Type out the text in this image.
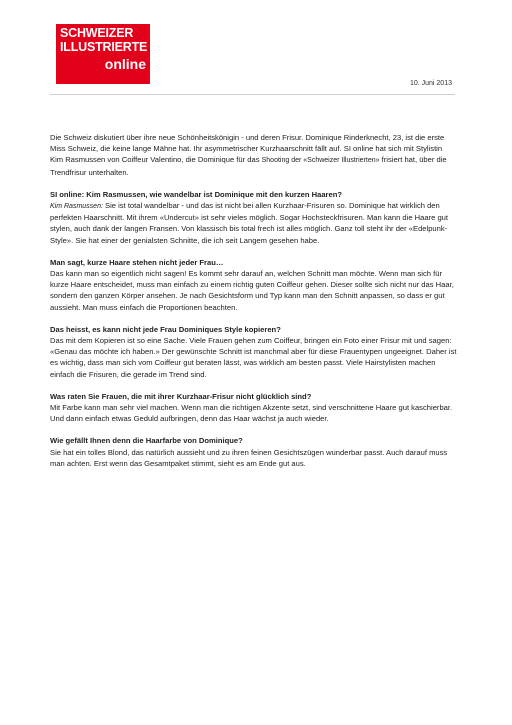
SCHWEIZER
ILLUSTRIERTE
online
10. Juni 2013

Die Schweiz diskutiert über ihre neue Schönheitskönigin - und deren Frisur. Dominique Rinderknecht, 23, ist die erste Miss Schweiz, die keine lange Mähne hat. Ihr asymmetrischer Kurzhaarschnitt fällt auf. SI online hat sich mit Stylistin Kim Rasmussen von Coiffeur Valentino, die Dominique für das Shooting der «Schweizer Illustrierten» frisiert hat, über die Trendfrisur unterhalten.

SI online: Kim Rasmussen, wie wandelbar ist Dominique mit den kurzen Haaren?

Kim Rasmussen: Sie ist total wandelbar - und das ist nicht bei allen Kurzhaar-Frisuren so. Dominique hat wirklich den perfekten Haarschnitt. Mit ihrem «Undercut» ist sehr vieles möglich. Sogar Hochsteckfrisuren. Man kann die Haare gut stylen, auch dank der langen Fransen. Von klassisch bis total frech ist alles möglich. Ganz toll steht ihr der «Edelpunk-Style». Sie hat einer der genialsten Schnitte, die ich seit Langem gesehen habe.

Man sagt, kurze Haare stehen nicht jeder Frau…

Das kann man so eigentlich nicht sagen! Es kommt sehr darauf an, welchen Schnitt man möchte. Wenn man sich für kurze Haare entscheidet, muss man einfach zu einem richtig guten Coiffeur gehen. Dieser sollte sich nicht nur das Haar, sondern den ganzen Körper ansehen. Je nach Gesichtsform und Typ kann man den Schnitt anpassen, so dass er gut aussieht. Man muss einfach die Proportionen beachten.

Das heisst, es kann nicht jede Frau Dominiques Style kopieren?

Das mit dem Kopieren ist so eine Sache. Viele Frauen gehen zum Coiffeur, bringen ein Foto einer Frisur mit und sagen: «Genau das möchte ich haben.» Der gewünschte Schnitt ist manchmal aber für diese Frauentypen ungeeignet. Daher ist es wichtig, dass man sich vom Coiffeur gut beraten lässt, was wirklich am besten passt. Viele Hairstylisten machen einfach die Frisuren, die gerade im Trend sind.

Was raten Sie Frauen, die mit ihrer Kurzhaar-Frisur nicht glücklich sind?

Mit Farbe kann man sehr viel machen. Wenn man die richtigen Akzente setzt, sind verschnittene Haare gut kaschierbar. Und dann einfach etwas Geduld aufbringen, denn das Haar wächst ja auch wieder.

Wie gefällt Ihnen denn die Haarfarbe von Dominique?

Sie hat ein tolles Blond, das natürlich aussieht und zu ihren feinen Gesichtszügen wunderbar passt. Auch darauf muss man achten. Erst wenn das Gesamtpaket stimmt, sieht es am Ende gut aus.
